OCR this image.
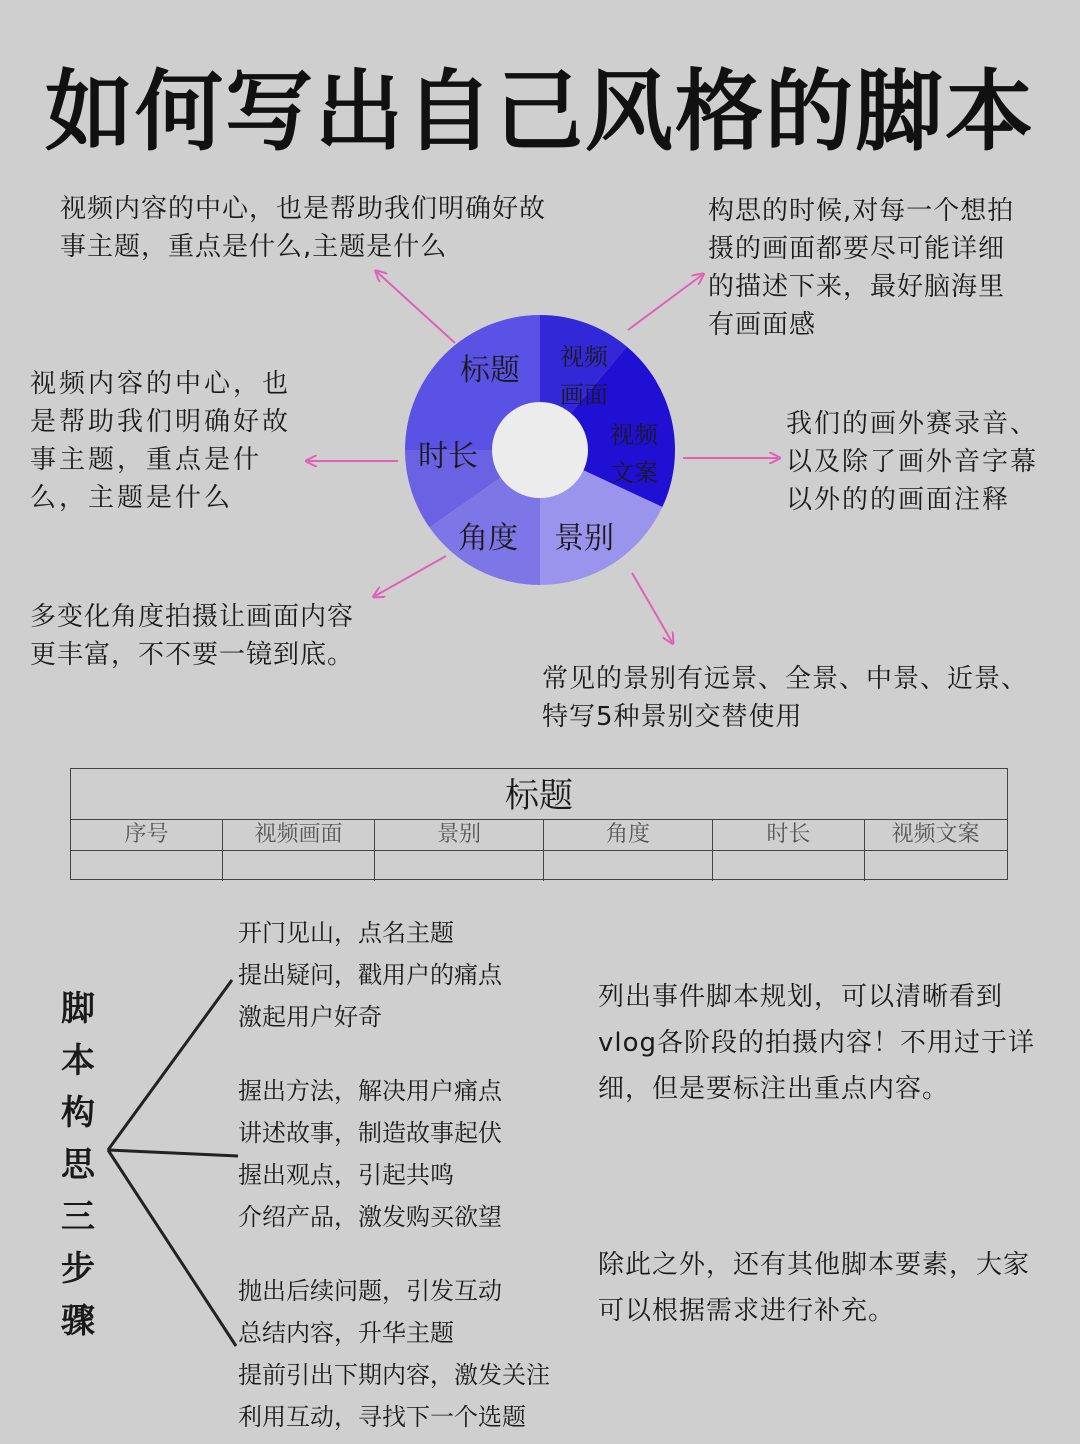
如何写出自己风格的脚本
标题 视频
画面
视频
文案
景别
角度
时长
视频内容的中心，也是帮助我们明确好故
事主题，重点是什么,主题是什么
构思的时候,对每一个想拍
摄的画面都要尽可能详细
的描述下来，最好脑海里
有画面感
视频内容的中心，也
是帮助我们明确好故
事主题，重点是什
么，主题是什么
我们的画外赛录音、
以及除了画外音字幕
以外的的画面注释
多变化角度拍摄让画面内容
更丰富，不不要一镜到底。
常见的景别有远景、全景、中景、近景、
特写5种景别交替使用
标题
序号	视频画面	景别	角度	时长	视频文案
脚
本
构
思
三
步
骤
开门见山，点名主题
提出疑问，戳用户的痛点
激起用户好奇
握出方法，解决用户痛点
讲述故事，制造故事起伏
握出观点，引起共鸣
介绍产品，激发购买欲望
抛出后续问题，引发互动
总结内容，升华主题
提前引出下期内容，激发关注
利用互动，寻找下一个选题
列出事件脚本规划，可以清晰看到
vlog各阶段的拍摄内容！不用过于详
细，但是要标注出重点内容。
除此之外，还有其他脚本要素，大家
可以根据需求进行补充。
